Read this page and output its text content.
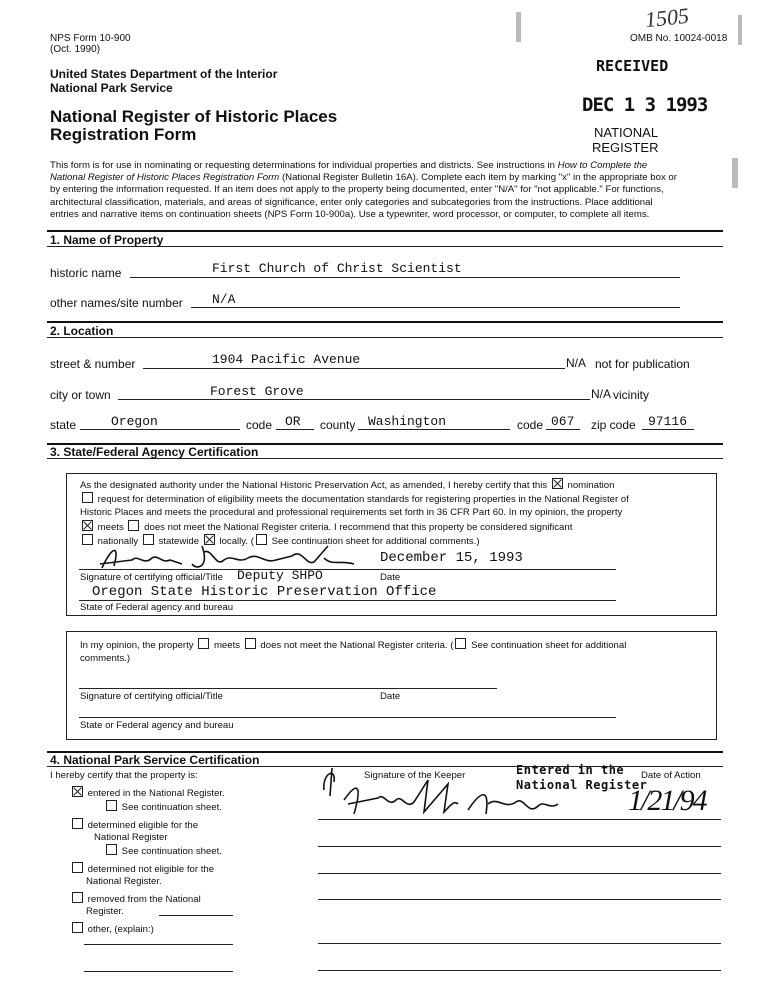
NPS Form 10-900
(Oct. 1990)
OMB No. 10024-0018
1505
United States Department of the Interior
National Park Service
National Register of Historic Places
Registration Form
RECEIVED
DEC 1 3 1993
NATIONAL
REGISTER
This form is for use in nominating or requesting determinations for individual properties and districts. See instructions in How to Complete the
National Register of Historic Places Registration Form (National Register Bulletin 16A). Complete each item by marking "x" in the appropriate box or
by entering the information requested. If an item does not apply to the property being documented, enter "N/A" for "not applicable." For functions,
architectural classification, materials, and areas of significance, enter only categories and subcategories from the instructions. Place additional
entries and narrative items on continuation sheets (NPS Form 10-900a). Use a typewriter, word processor, or computer, to complete all items.
1. Name of Property
historic name	First Church of Christ Scientist
other names/site number N/A
2. Location
street & number	1904 Pacific Avenue	N/A not for publication
city or town	Forest Grove	N/A vicinity
state	Oregon	code OR county Washington	code 067 zip code 97116
3. State/Federal Agency Certification
As the designated authority under the National Historic Preservation Act, as amended, I hereby certify that this nomination
request for determination of eligibility meets the documentation standards for registering properties in the National Register of
Historic Places and meets the procedural and professional requirements set forth in 36 CFR Part 60. In my opinion, the property
meets does not meet the National Register criteria. I recommend that this property be considered significant
nationally statewide locally. ( See continuation sheet for additional comments.)
December 15, 1993
Signature of certifying official/Title Deputy SHPO	Date
Oregon State Historic Preservation Office
State of Federal agency and bureau
In my opinion, the property meets does not meet the National Register criteria. ( See continuation sheet for additional
comments.)
Signature of certifying official/Title	Date
State or Federal agency and bureau
4. National Park Service Certification
I hereby certify that the property is:
entered in the National Register.
See continuation sheet.
determined eligible for the
National Register
See continuation sheet.
determined not eligible for the
National Register.
removed from the National
Register.
other, (explain:)
Signature of the Keeper	Date of Action
Entered in the
National Register
1/21/94
